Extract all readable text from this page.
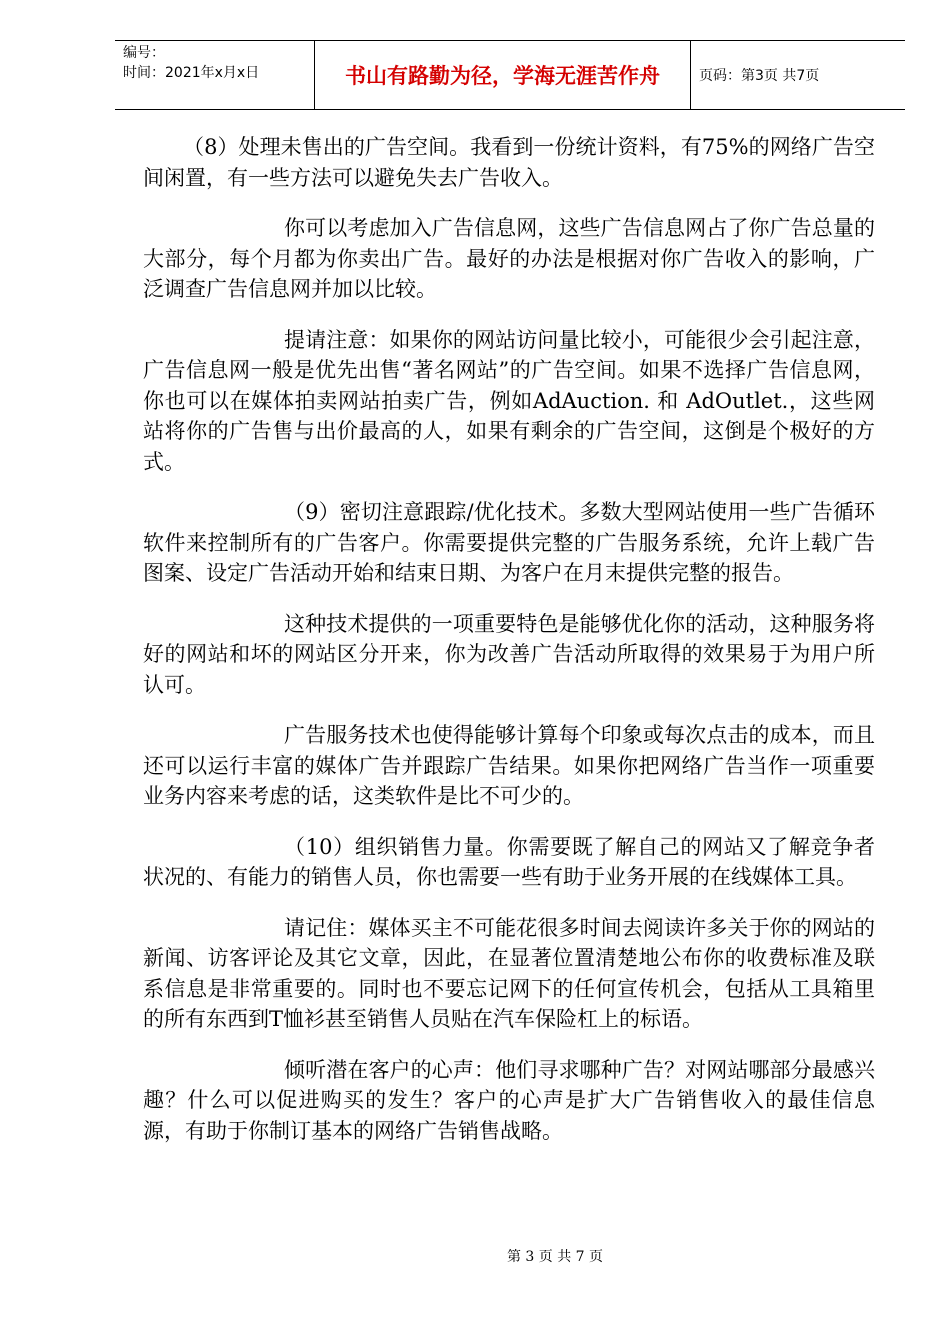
编号：
时间：2021年x月x日	书山有路勤为径，学海无涯苦作舟	页码：第3页 共7页

（8）处理未售出的广告空间。我看到一份统计资料，有75%的网络广告空间闲置，有一些方法可以避免失去广告收入。

你可以考虑加入广告信息网，这些广告信息网占了你广告总量的大部分，每个月都为你卖出广告。最好的办法是根据对你广告收入的影响，广泛调查广告信息网并加以比较。

提请注意：如果你的网站访问量比较小，可能很少会引起注意，广告信息网一般是优先出售“著名网站”的广告空间。如果不选择广告信息网，你也可以在媒体拍卖网站拍卖广告，例如AdAuction. 和 AdOutlet.，这些网站将你的广告售与出价最高的人，如果有剩余的广告空间，这倒是个极好的方式。

（9）密切注意跟踪/优化技术。多数大型网站使用一些广告循环软件来控制所有的广告客户。你需要提供完整的广告服务系统，允许上载广告图案、设定广告活动开始和结束日期、为客户在月末提供完整的报告。

这种技术提供的一项重要特色是能够优化你的活动，这种服务将好的网站和坏的网站区分开来，你为改善广告活动所取得的效果易于为用户所认可。

广告服务技术也使得能够计算每个印象或每次点击的成本，而且还可以运行丰富的媒体广告并跟踪广告结果。如果你把网络广告当作一项重要业务内容来考虑的话，这类软件是比不可少的。

（10）组织销售力量。你需要既了解自己的网站又了解竞争者状况的、有能力的销售人员，你也需要一些有助于业务开展的在线媒体工具。

请记住：媒体买主不可能花很多时间去阅读许多关于你的网站的新闻、访客评论及其它文章，因此，在显著位置清楚地公布你的收费标准及联系信息是非常重要的。同时也不要忘记网下的任何宣传机会，包括从工具箱里的所有东西到T恤衫甚至销售人员贴在汽车保险杠上的标语。

倾听潜在客户的心声：他们寻求哪种广告？对网站哪部分最感兴趣？什么可以促进购买的发生？客户的心声是扩大广告销售收入的最佳信息源，有助于你制订基本的网络广告销售战略。

第 3 页 共 7 页
